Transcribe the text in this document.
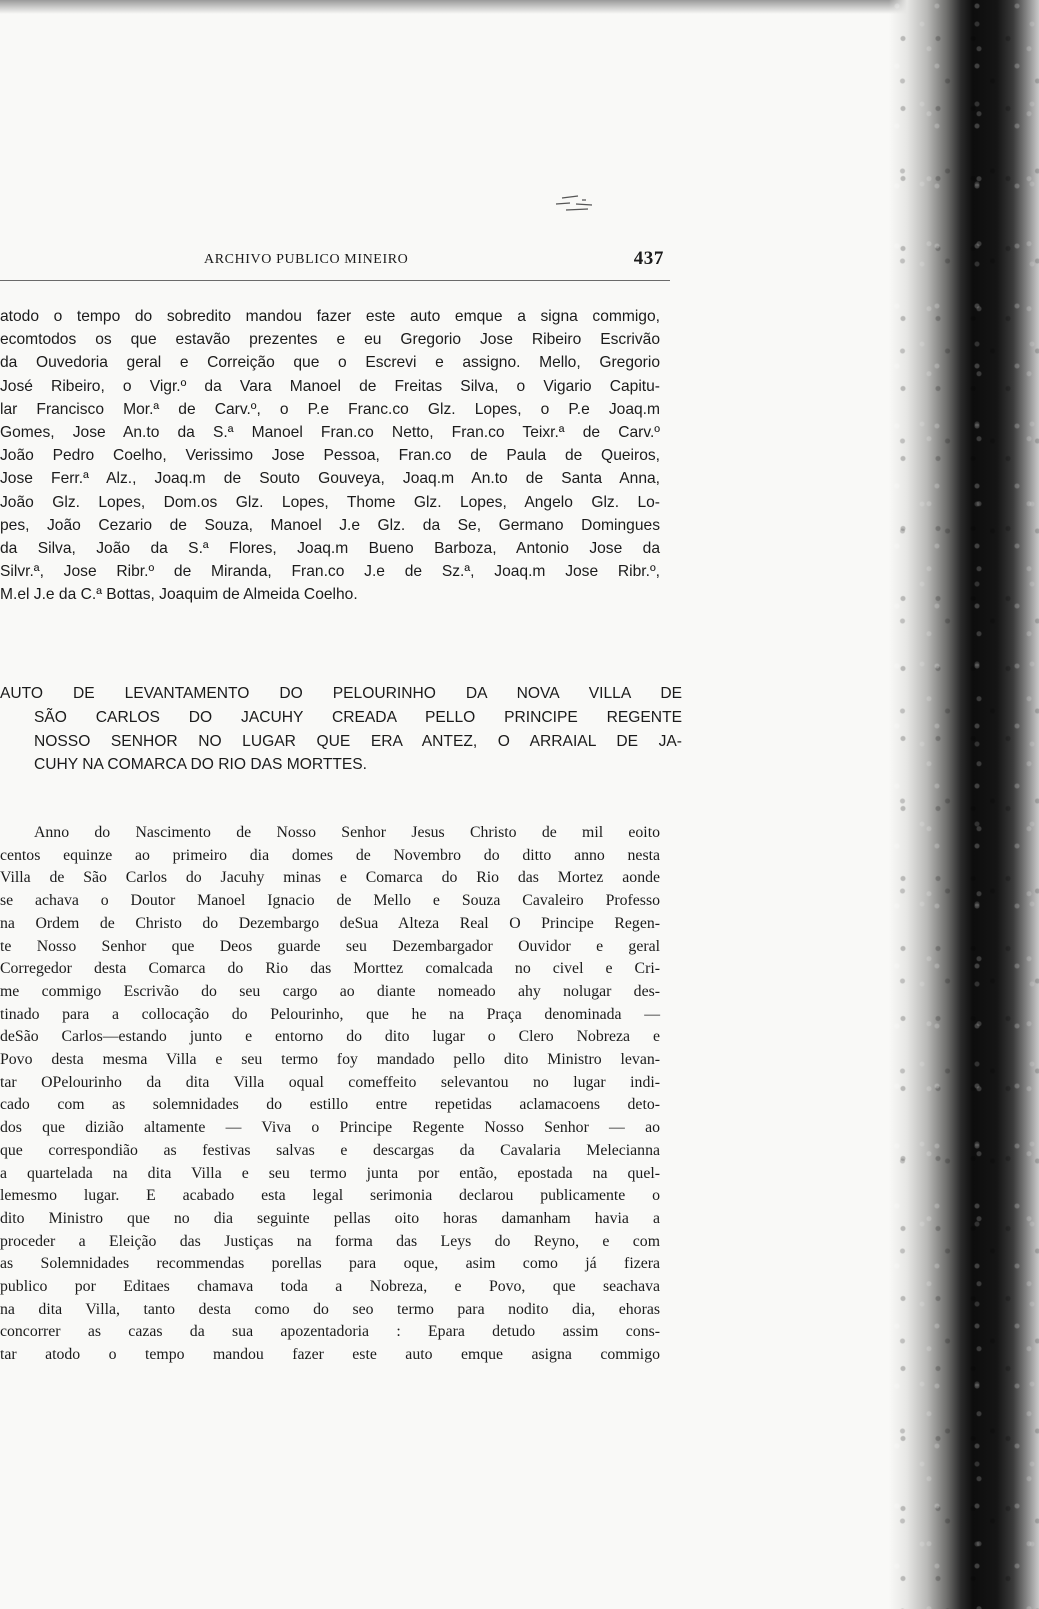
ARCHIVO PUBLICO MINEIRO	437
atodo o tempo do sobredito mandou fazer este auto emque a signa commigo,
ecomtodos os que estavão prezentes e eu Gregorio Jose Ribeiro Escrivão
da Ouvedoria geral e Correição que o Escrevi e assigno. Mello, Gregorio
José Ribeiro, o Vigr.º da Vara Manoel de Freitas Silva, o Vigario Capitu-
lar Francisco Mor.ª de Carv.º, o P.e Franc.co Glz. Lopes, o P.e Joaq.m
Gomes, Jose An.to da S.ª Manoel Fran.co Netto, Fran.co Teixr.ª de Carv.º
João Pedro Coelho, Verissimo Jose Pessoa, Fran.co de Paula de Queiros,
Jose Ferr.ª Alz., Joaq.m de Souto Gouveya, Joaq.m An.to de Santa Anna,
João Glz. Lopes, Dom.os Glz. Lopes, Thome Glz. Lopes, Angelo Glz. Lo-
pes, João Cezario de Souza, Manoel J.e Glz. da Se, Germano Domingues
da Silva, João da S.ª Flores, Joaq.m Bueno Barboza, Antonio Jose da
Silvr.ª, Jose Ribr.º de Miranda, Fran.co J.e de Sz.ª, Joaq.m Jose Ribr.º,
M.el J.e da C.ª Bottas, Joaquim de Almeida Coelho.
AUTO DE LEVANTAMENTO DO PELOURINHO DA NOVA VILLA DE
SÃO CARLOS DO JACUHY CREADA PELLO PRINCIPE REGENTE
NOSSO SENHOR NO LUGAR QUE ERA ANTEZ, O ARRAIAL DE JA-
CUHY NA COMARCA DO RIO DAS MORTTES.
Anno do Nascimento de Nosso Senhor Jesus Christo de mil eoito
centos equinze ao primeiro dia domes de Novembro do ditto anno nesta
Villa de São Carlos do Jacuhy minas e Comarca do Rio das Mortez aonde
se achava o Doutor Manoel Ignacio de Mello e Souza Cavaleiro Professo
na Ordem de Christo do Dezembargo deSua Alteza Real O Principe Regen-
te Nosso Senhor que Deos guarde seu Dezembargador Ouvidor e geral
Corregedor desta Comarca do Rio das Morttez comalcada no civel e Cri-
me commigo Escrivão do seu cargo ao diante nomeado ahy nolugar des-
tinado para a collocação do Pelourinho, que he na Praça denominada —
deSão Carlos—estando junto e entorno do dito lugar o Clero Nobreza e
Povo desta mesma Villa e seu termo foy mandado pello dito Ministro levan-
tar OPelourinho da dita Villa oqual comeffeito selevantou no lugar indi-
cado com as solemnidades do estillo entre repetidas aclamacoens deto-
dos que dizião altamente — Viva o Principe Regente Nosso Senhor — ao
que correspondião as festivas salvas e descargas da Cavalaria Melecianna
a quartelada na dita Villa e seu termo junta por então, epostada na quel-
lemesmo lugar. E acabado esta legal serimonia declarou publicamente o
dito Ministro que no dia seguinte pellas oito horas damanham havia a
proceder a Eleição das Justiças na forma das Leys do Reyno, e com
as Solemnidades recommendas porellas para oque, asim como já fizera
publico por Editaes chamava toda a Nobreza, e Povo, que seachava
na dita Villa, tanto desta como do seo termo para nodito dia, ehoras
concorrer as cazas da sua apozentadoria : Epara detudo assim cons-
tar atodo o tempo mandou fazer este auto emque asigna commigo
